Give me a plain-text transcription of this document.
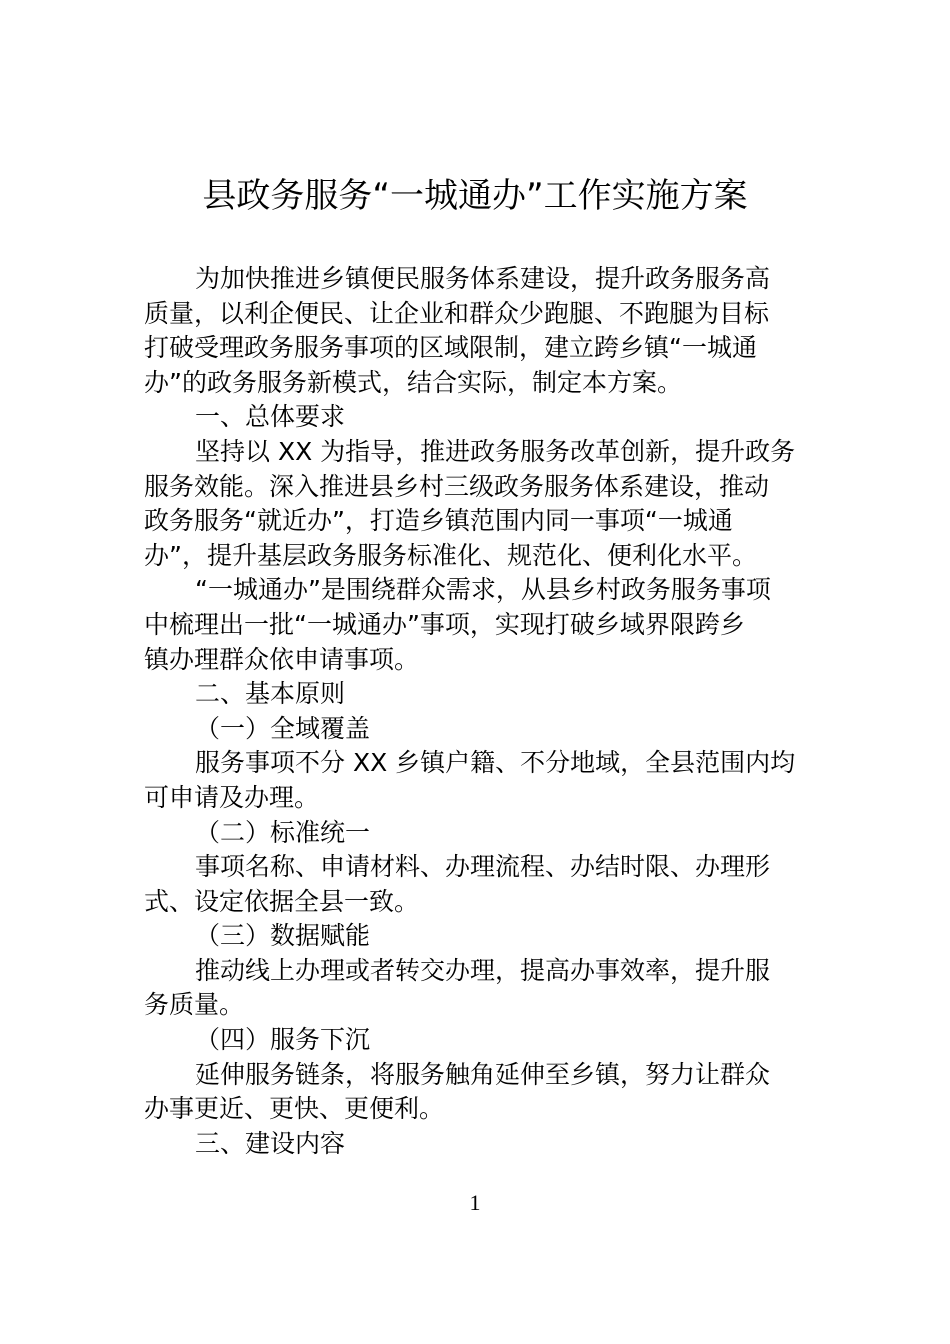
县政务服务“一城通办”工作实施方案
为加快推进乡镇便民服务体系建设，提升政务服务高
质量，以利企便民、让企业和群众少跑腿、不跑腿为目标
打破受理政务服务事项的区域限制，建立跨乡镇“一城通
办”的政务服务新模式，结合实际，制定本方案。
一、总体要求
坚持以 XX 为指导，推进政务服务改革创新，提升政务
服务效能。深入推进县乡村三级政务服务体系建设，推动
政务服务“就近办”，打造乡镇范围内同一事项“一城通
办”，提升基层政务服务标准化、规范化、便利化水平。
“一城通办”是围绕群众需求，从县乡村政务服务事项
中梳理出一批“一城通办”事项，实现打破乡域界限跨乡
镇办理群众依申请事项。
二、基本原则
（一）全域覆盖
服务事项不分 XX 乡镇户籍、不分地域，全县范围内均
可申请及办理。
（二）标准统一
事项名称、申请材料、办理流程、办结时限、办理形
式、设定依据全县一致。
（三）数据赋能
推动线上办理或者转交办理，提高办事效率，提升服
务质量。
（四）服务下沉
延伸服务链条，将服务触角延伸至乡镇，努力让群众
办事更近、更快、更便利。
三、建设内容
1
